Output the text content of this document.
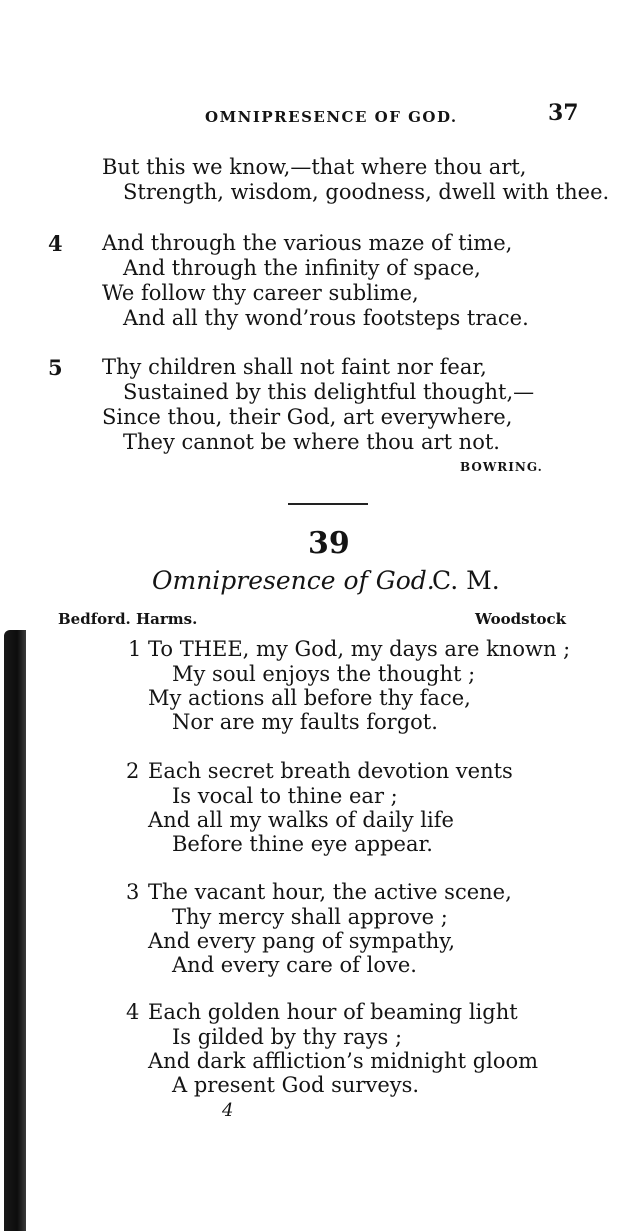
OMNIPRESENCE OF GOD.	37
But this we know,—that where thou art,
Strength, wisdom, goodness, dwell with thee.
4 And through the various maze of time,
And through the infinity of space,
We follow thy career sublime,
And all thy wond’rous footsteps trace.
5 Thy children shall not faint nor fear,
Sustained by this delightful thought,—
Since thou, their God, art everywhere,
They cannot be where thou art not.
BOWRING.
39
Omnipresence of God.
C. M.
Bedford. Harms.	Woodstock
1 To THEE, my God, my days are known ;
My soul enjoys the thought ;
My actions all before thy face,
Nor are my faults forgot.
2 Each secret breath devotion vents
Is vocal to thine ear ;
And all my walks of daily life
Before thine eye appear.
3 The vacant hour, the active scene,
Thy mercy shall approve ;
And every pang of sympathy,
And every care of love.
4 Each golden hour of beaming light
Is gilded by thy rays ;
And dark affliction’s midnight gloom
A present God surveys.
4
